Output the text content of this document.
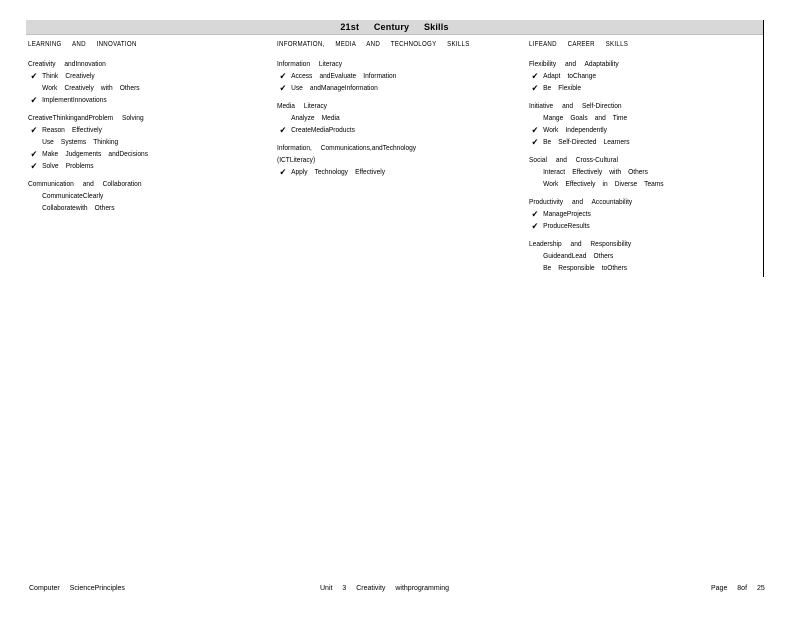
21st Century Skills
LEARNING AND INNOVATION
Creativity andInnovation
✔ Think Creatively
Work Creatively with Others
✔ ImplementInnovations
CreativeThinkingandProblem Solving
✔ Reason Effectively
Use Systems Thinking
✔ Make Judgements andDecisions
✔ Solve Problems
Communication and Collaboration
CommunicateClearly
Collaboratewith Others
INFORMATION, MEDIA AND TECHNOLOGY SKILLS
Information Literacy
✔ Access andEvaluate Information
✔ Use andManageInformation
Media Literacy
Analyze Media
✔ CreateMediaProducts
Information, Communications,andTechnology
(ICTLiteracy)
✔ Apply Technology Effectively
LIFEAND CAREER SKILLS
Flexibility and Adaptability
✔ Adapt toChange
✔ Be Flexible
Initiative and Self-Direction
Mange Goals and Time
✔ Work Independently
✔ Be Self-Directed Learners
Social and Cross-Cultural
Interact Effectively with Others
Work Effectively in Diverse Teams
Productivity and Accountability
✔ ManageProjects
✔ ProduceResults
Leadership and Responsibility
GuideandLead Others
Be Responsible toOthers
Computer SciencePrinciples	Unit 3 Creativity withprogramming	Page 8of 25
